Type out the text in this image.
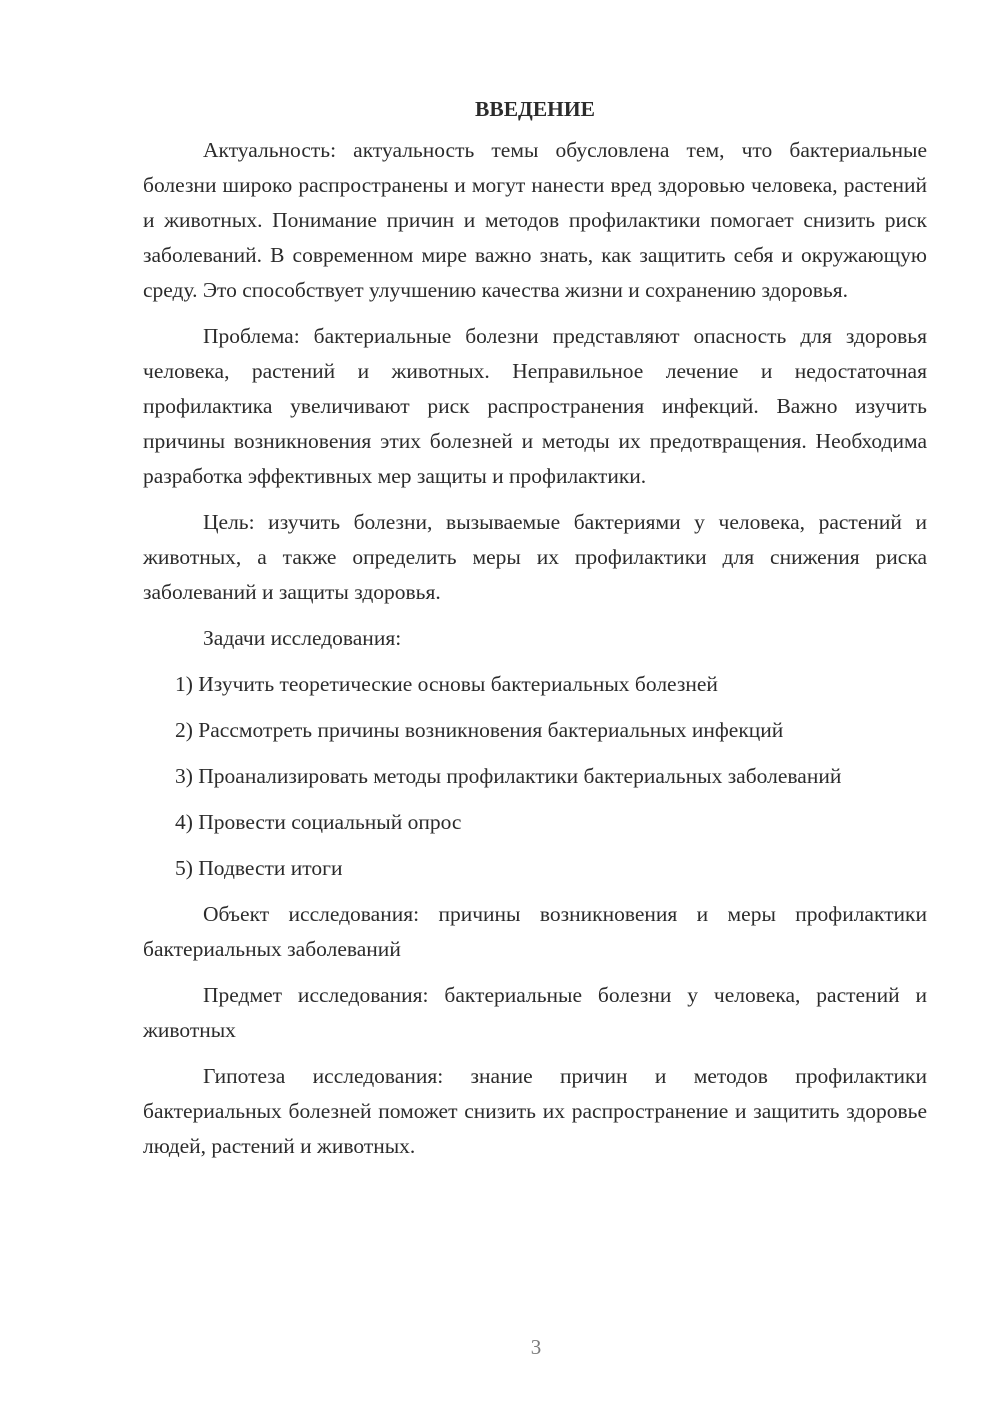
ВВЕДЕНИЕ

Актуальность: актуальность темы обусловлена тем, что бактериальные болезни широко распространены и могут нанести вред здоровью человека, растений и животных. Понимание причин и методов профилактики помогает снизить риск заболеваний. В современном мире важно знать, как защитить себя и окружающую среду. Это способствует улучшению качества жизни и сохранению здоровья.

Проблема: бактериальные болезни представляют опасность для здоровья человека, растений и животных. Неправильное лечение и недостаточная профилактика увеличивают риск распространения инфекций. Важно изучить причины возникновения этих болезней и методы их предотвращения. Необходима разработка эффективных мер защиты и профилактики.

Цель: изучить болезни, вызываемые бактериями у человека, растений и животных, а также определить меры их профилактики для снижения риска заболеваний и защиты здоровья.

Задачи исследования:

1) Изучить теоретические основы бактериальных болезней

2) Рассмотреть причины возникновения бактериальных инфекций

3) Проанализировать методы профилактики бактериальных заболеваний

4) Провести социальный опрос

5) Подвести итоги

Объект исследования: причины возникновения и меры профилактики бактериальных заболеваний

Предмет исследования: бактериальные болезни у человека, растений и животных

Гипотеза исследования: знание причин и методов профилактики бактериальных болезней поможет снизить их распространение и защитить здоровье людей, растений и животных.

3
